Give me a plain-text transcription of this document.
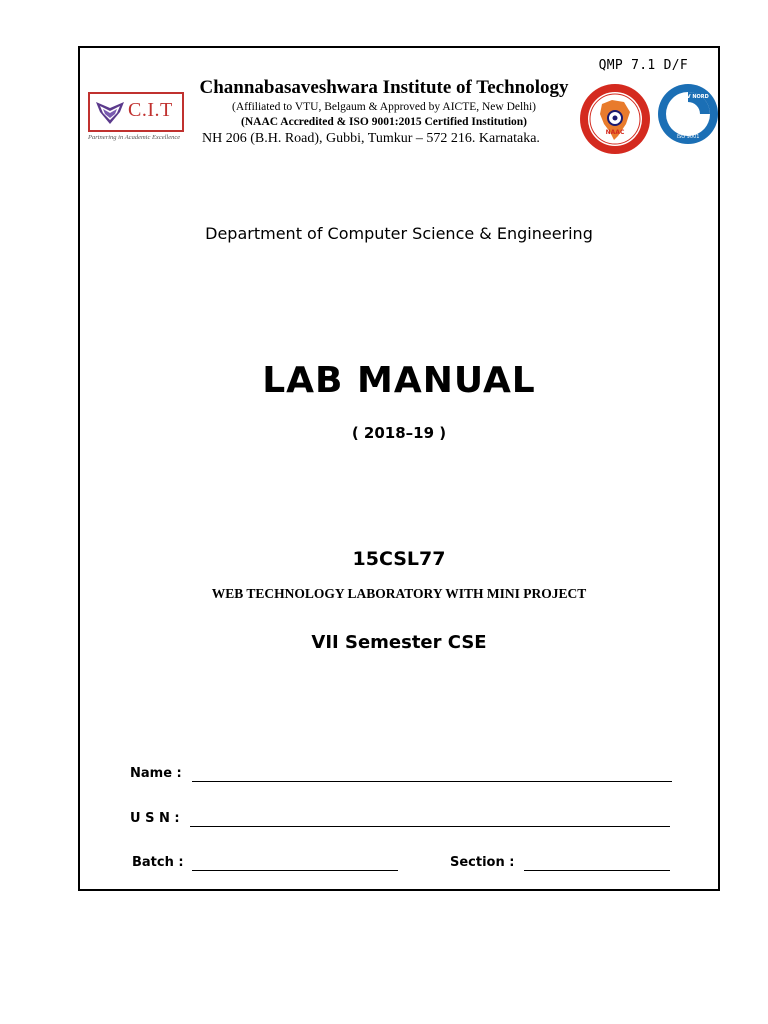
QMP 7.1 D/F
C.I.T
Partnering in Academic Excellence
Channabasaveshwara Institute of Technology
(Affiliated to VTU, Belgaum & Approved by AICTE, New Delhi)
(NAAC Accredited & ISO 9001:2015 Certified Institution)
NH 206 (B.H. Road), Gubbi, Tumkur – 572 216. Karnataka.	NAAC
TÜV NORD
ISO 9001
Department of Computer Science & Engineering
LAB MANUAL
( 2018–19 )
15CSL77
WEB TECHNOLOGY LABORATORY WITH MINI PROJECT
VII Semester CSE
Name :
U S N :
Batch :	Section :
